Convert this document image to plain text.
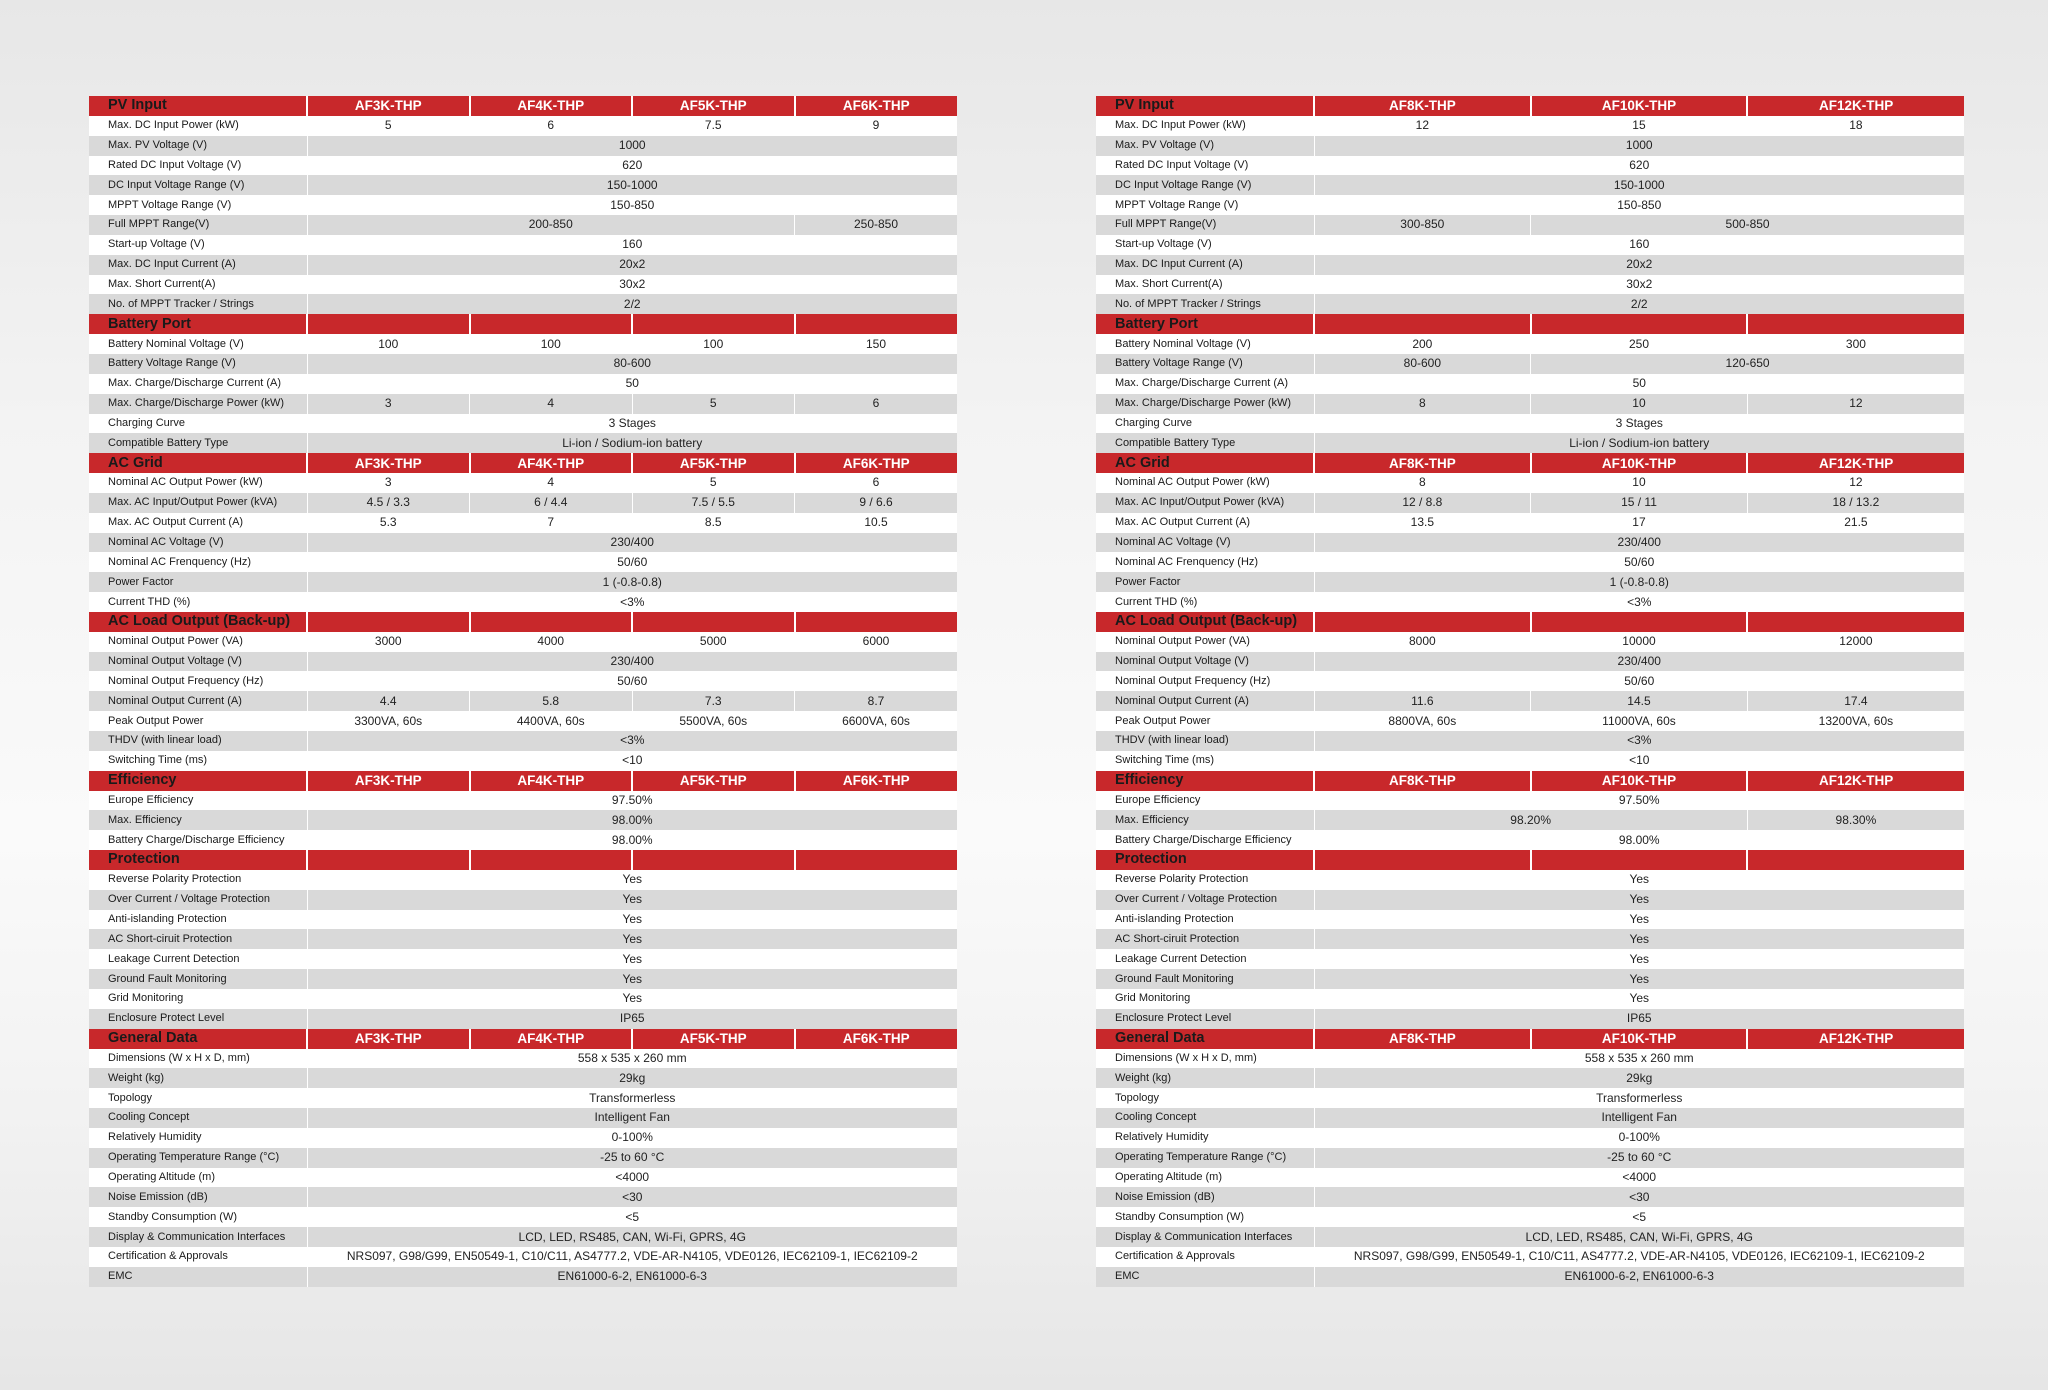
PV Input	AF3K-THP	AF4K-THP	AF5K-THP	AF6K-THP
Max. DC Input Power (kW)	5	6	7.5	9
Max. PV Voltage (V)	1000			
Rated DC Input Voltage (V)	620			
DC Input Voltage Range (V)	150-1000			
MPPT Voltage Range (V)	150-850			
Full MPPT Range(V)	200-850			250-850
Start-up Voltage (V)	160			
Max. DC Input Current (A)	20x2			
Max. Short Current(A)	30x2			
No. of MPPT Tracker / Strings	2/2			
Battery Port				
Battery Nominal Voltage (V)	100	100	100	150
Battery Voltage Range (V)	80-600			
Max. Charge/Discharge Current (A)	50			
Max. Charge/Discharge Power (kW)	3	4	5	6
Charging Curve	3 Stages			
Compatible Battery Type	Li-ion / Sodium-ion battery			
AC Grid	AF3K-THP	AF4K-THP	AF5K-THP	AF6K-THP
Nominal AC Output Power (kW)	3	4	5	6
Max. AC Input/Output Power (kVA)	4.5 / 3.3	6 / 4.4	7.5 / 5.5	9 / 6.6
Max. AC Output Current (A)	5.3	7	8.5	10.5
Nominal AC Voltage (V)	230/400			
Nominal AC Frenquency (Hz)	50/60			
Power Factor	1 (-0.8-0.8)			
Current THD (%)	<3%			
AC Load Output (Back-up)				
Nominal Output Power (VA)	3000	4000	5000	6000
Nominal Output Voltage (V)	230/400			
Nominal Output Frequency (Hz)	50/60			
Nominal Output Current (A)	4.4	5.8	7.3	8.7
Peak Output Power	3300VA, 60s	4400VA, 60s	5500VA, 60s	6600VA, 60s
THDV (with linear load)	<3%			
Switching Time (ms)	<10			
Efficiency	AF3K-THP	AF4K-THP	AF5K-THP	AF6K-THP
Europe Efficiency	97.50%			
Max. Efficiency	98.00%			
Battery Charge/Discharge Efficiency	98.00%			
Protection				
Reverse Polarity Protection	Yes			
Over Current / Voltage Protection	Yes			
Anti-islanding Protection	Yes			
AC Short-ciruit Protection	Yes			
Leakage Current Detection	Yes			
Ground Fault Monitoring	Yes			
Grid Monitoring	Yes			
Enclosure Protect Level	IP65			
General Data	AF3K-THP	AF4K-THP	AF5K-THP	AF6K-THP
Dimensions (W x H x D, mm)	558 x 535 x 260 mm			
Weight (kg)	29kg			
Topology	Transformerless			
Cooling Concept	Intelligent Fan			
Relatively Humidity	0-100%			
Operating Temperature Range (°C)	-25 to 60 °C			
Operating Altitude (m)	<4000			
Noise Emission (dB)	<30			
Standby Consumption (W)	<5			
Display & Communication Interfaces	LCD, LED, RS485, CAN, Wi-Fi, GPRS, 4G			
Certification & Approvals	NRS097, G98/G99, EN50549-1, C10/C11, AS4777.2, VDE-AR-N4105, VDE0126, IEC62109-1, IEC62109-2			
EMC	EN61000-6-2, EN61000-6-3			
PV Input	AF8K-THP	AF10K-THP	AF12K-THP
Max. DC Input Power (kW)	12	15	18
Max. PV Voltage (V)	1000		
Rated DC Input Voltage (V)	620		
DC Input Voltage Range (V)	150-1000		
MPPT Voltage Range (V)	150-850		
Full MPPT Range(V)	300-850	500-850	
Start-up Voltage (V)	160		
Max. DC Input Current (A)	20x2		
Max. Short Current(A)	30x2		
No. of MPPT Tracker / Strings	2/2		
Battery Port			
Battery Nominal Voltage (V)	200	250	300
Battery Voltage Range (V)	80-600	120-650	
Max. Charge/Discharge Current (A)	50		
Max. Charge/Discharge Power (kW)	8	10	12
Charging Curve	3 Stages		
Compatible Battery Type	Li-ion / Sodium-ion battery		
AC Grid	AF8K-THP	AF10K-THP	AF12K-THP
Nominal AC Output Power (kW)	8	10	12
Max. AC Input/Output Power (kVA)	12 / 8.8	15 / 11	18 / 13.2
Max. AC Output Current (A)	13.5	17	21.5
Nominal AC Voltage (V)	230/400		
Nominal AC Frenquency (Hz)	50/60		
Power Factor	1 (-0.8-0.8)		
Current THD (%)	<3%		
AC Load Output (Back-up)			
Nominal Output Power (VA)	8000	10000	12000
Nominal Output Voltage (V)	230/400		
Nominal Output Frequency (Hz)	50/60		
Nominal Output Current (A)	11.6	14.5	17.4
Peak Output Power	8800VA, 60s	11000VA, 60s	13200VA, 60s
THDV (with linear load)	<3%		
Switching Time (ms)	<10		
Efficiency	AF8K-THP	AF10K-THP	AF12K-THP
Europe Efficiency	97.50%		
Max. Efficiency	98.20%		98.30%
Battery Charge/Discharge Efficiency	98.00%		
Protection			
Reverse Polarity Protection	Yes		
Over Current / Voltage Protection	Yes		
Anti-islanding Protection	Yes		
AC Short-ciruit Protection	Yes		
Leakage Current Detection	Yes		
Ground Fault Monitoring	Yes		
Grid Monitoring	Yes		
Enclosure Protect Level	IP65		
General Data	AF8K-THP	AF10K-THP	AF12K-THP
Dimensions (W x H x D, mm)	558 x 535 x 260 mm		
Weight (kg)	29kg		
Topology	Transformerless		
Cooling Concept	Intelligent Fan		
Relatively Humidity	0-100%		
Operating Temperature Range (°C)	-25 to 60 °C		
Operating Altitude (m)	<4000		
Noise Emission (dB)	<30		
Standby Consumption (W)	<5		
Display & Communication Interfaces	LCD, LED, RS485, CAN, Wi-Fi, GPRS, 4G		
Certification & Approvals	NRS097, G98/G99, EN50549-1, C10/C11, AS4777.2, VDE-AR-N4105, VDE0126, IEC62109-1, IEC62109-2		
EMC	EN61000-6-2, EN61000-6-3		
